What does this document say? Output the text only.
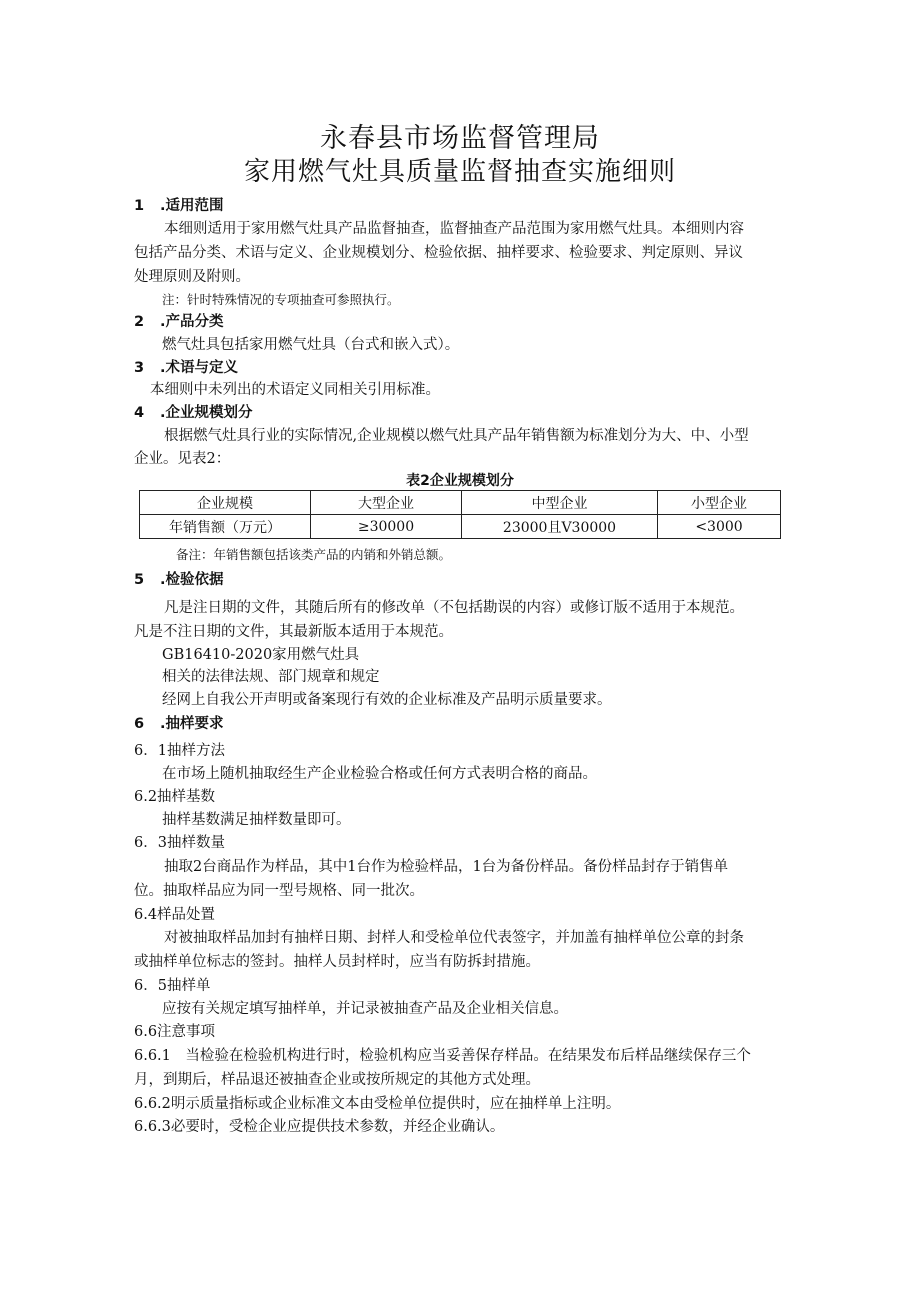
永春县市场监督管理局
家用燃气灶具质量监督抽查实施细则
1 .适用范围
本细则适用于家用燃气灶具产品监督抽查，监督抽查产品范围为家用燃气灶具。本细则内容
包括产品分类、术语与定义、企业规模划分、检验依据、抽样要求、检验要求、判定原则、异议
处理原则及附则。
注：针时特殊情况的专项抽查可参照执行。
2 .产品分类
燃气灶具包括家用燃气灶具（台式和嵌入式）。
3 .术语与定义
本细则中未列出的术语定义同相关引用标准。
4 .企业规模划分
根据燃气灶具行业的实际情况,企业规模以燃气灶具产品年销售额为标准划分为大、中、小型
企业。见表2：
表2企业规模划分
企业规模	大型企业	中型企业	小型企业
年销售额（万元）	≥30000	23000且V30000	<3000
备注：年销售额包括该类产品的内销和外销总额。
5 .检验依据
凡是注日期的文件，其随后所有的修改单（不包括勘误的内容）或修订版不适用于本规范。
凡是不注日期的文件，其最新版本适用于本规范。
GB16410-2020家用燃气灶具
相关的法律法规、部门规章和规定
经网上自我公开声明或备案现行有效的企业标准及产品明示质量要求。
6 .抽样要求
6．1抽样方法
在市场上随机抽取经生产企业检验合格或任何方式表明合格的商品。
6.2抽样基数
抽样基数满足抽样数量即可。
6．3抽样数量
抽取2台商品作为样品，其中1台作为检验样品，1台为备份样品。备份样品封存于销售单
位。抽取样品应为同一型号规格、同一批次。
6.4样品处置
对被抽取样品加封有抽样日期、封样人和受检单位代表签字，并加盖有抽样单位公章的封条
或抽样单位标志的签封。抽样人员封样时，应当有防拆封措施。
6．5抽样单
应按有关规定填写抽样单，并记录被抽查产品及企业相关信息。
6.6注意事项
6.6.1　当检验在检验机构进行时，检验机构应当妥善保存样品。在结果发布后样品继续保存三个
月，到期后，样品退还被抽查企业或按所规定的其他方式处理。
6.6.2明示质量指标或企业标准文本由受检单位提供时，应在抽样单上注明。
6.6.3必要时，受检企业应提供技术参数，并经企业确认。
